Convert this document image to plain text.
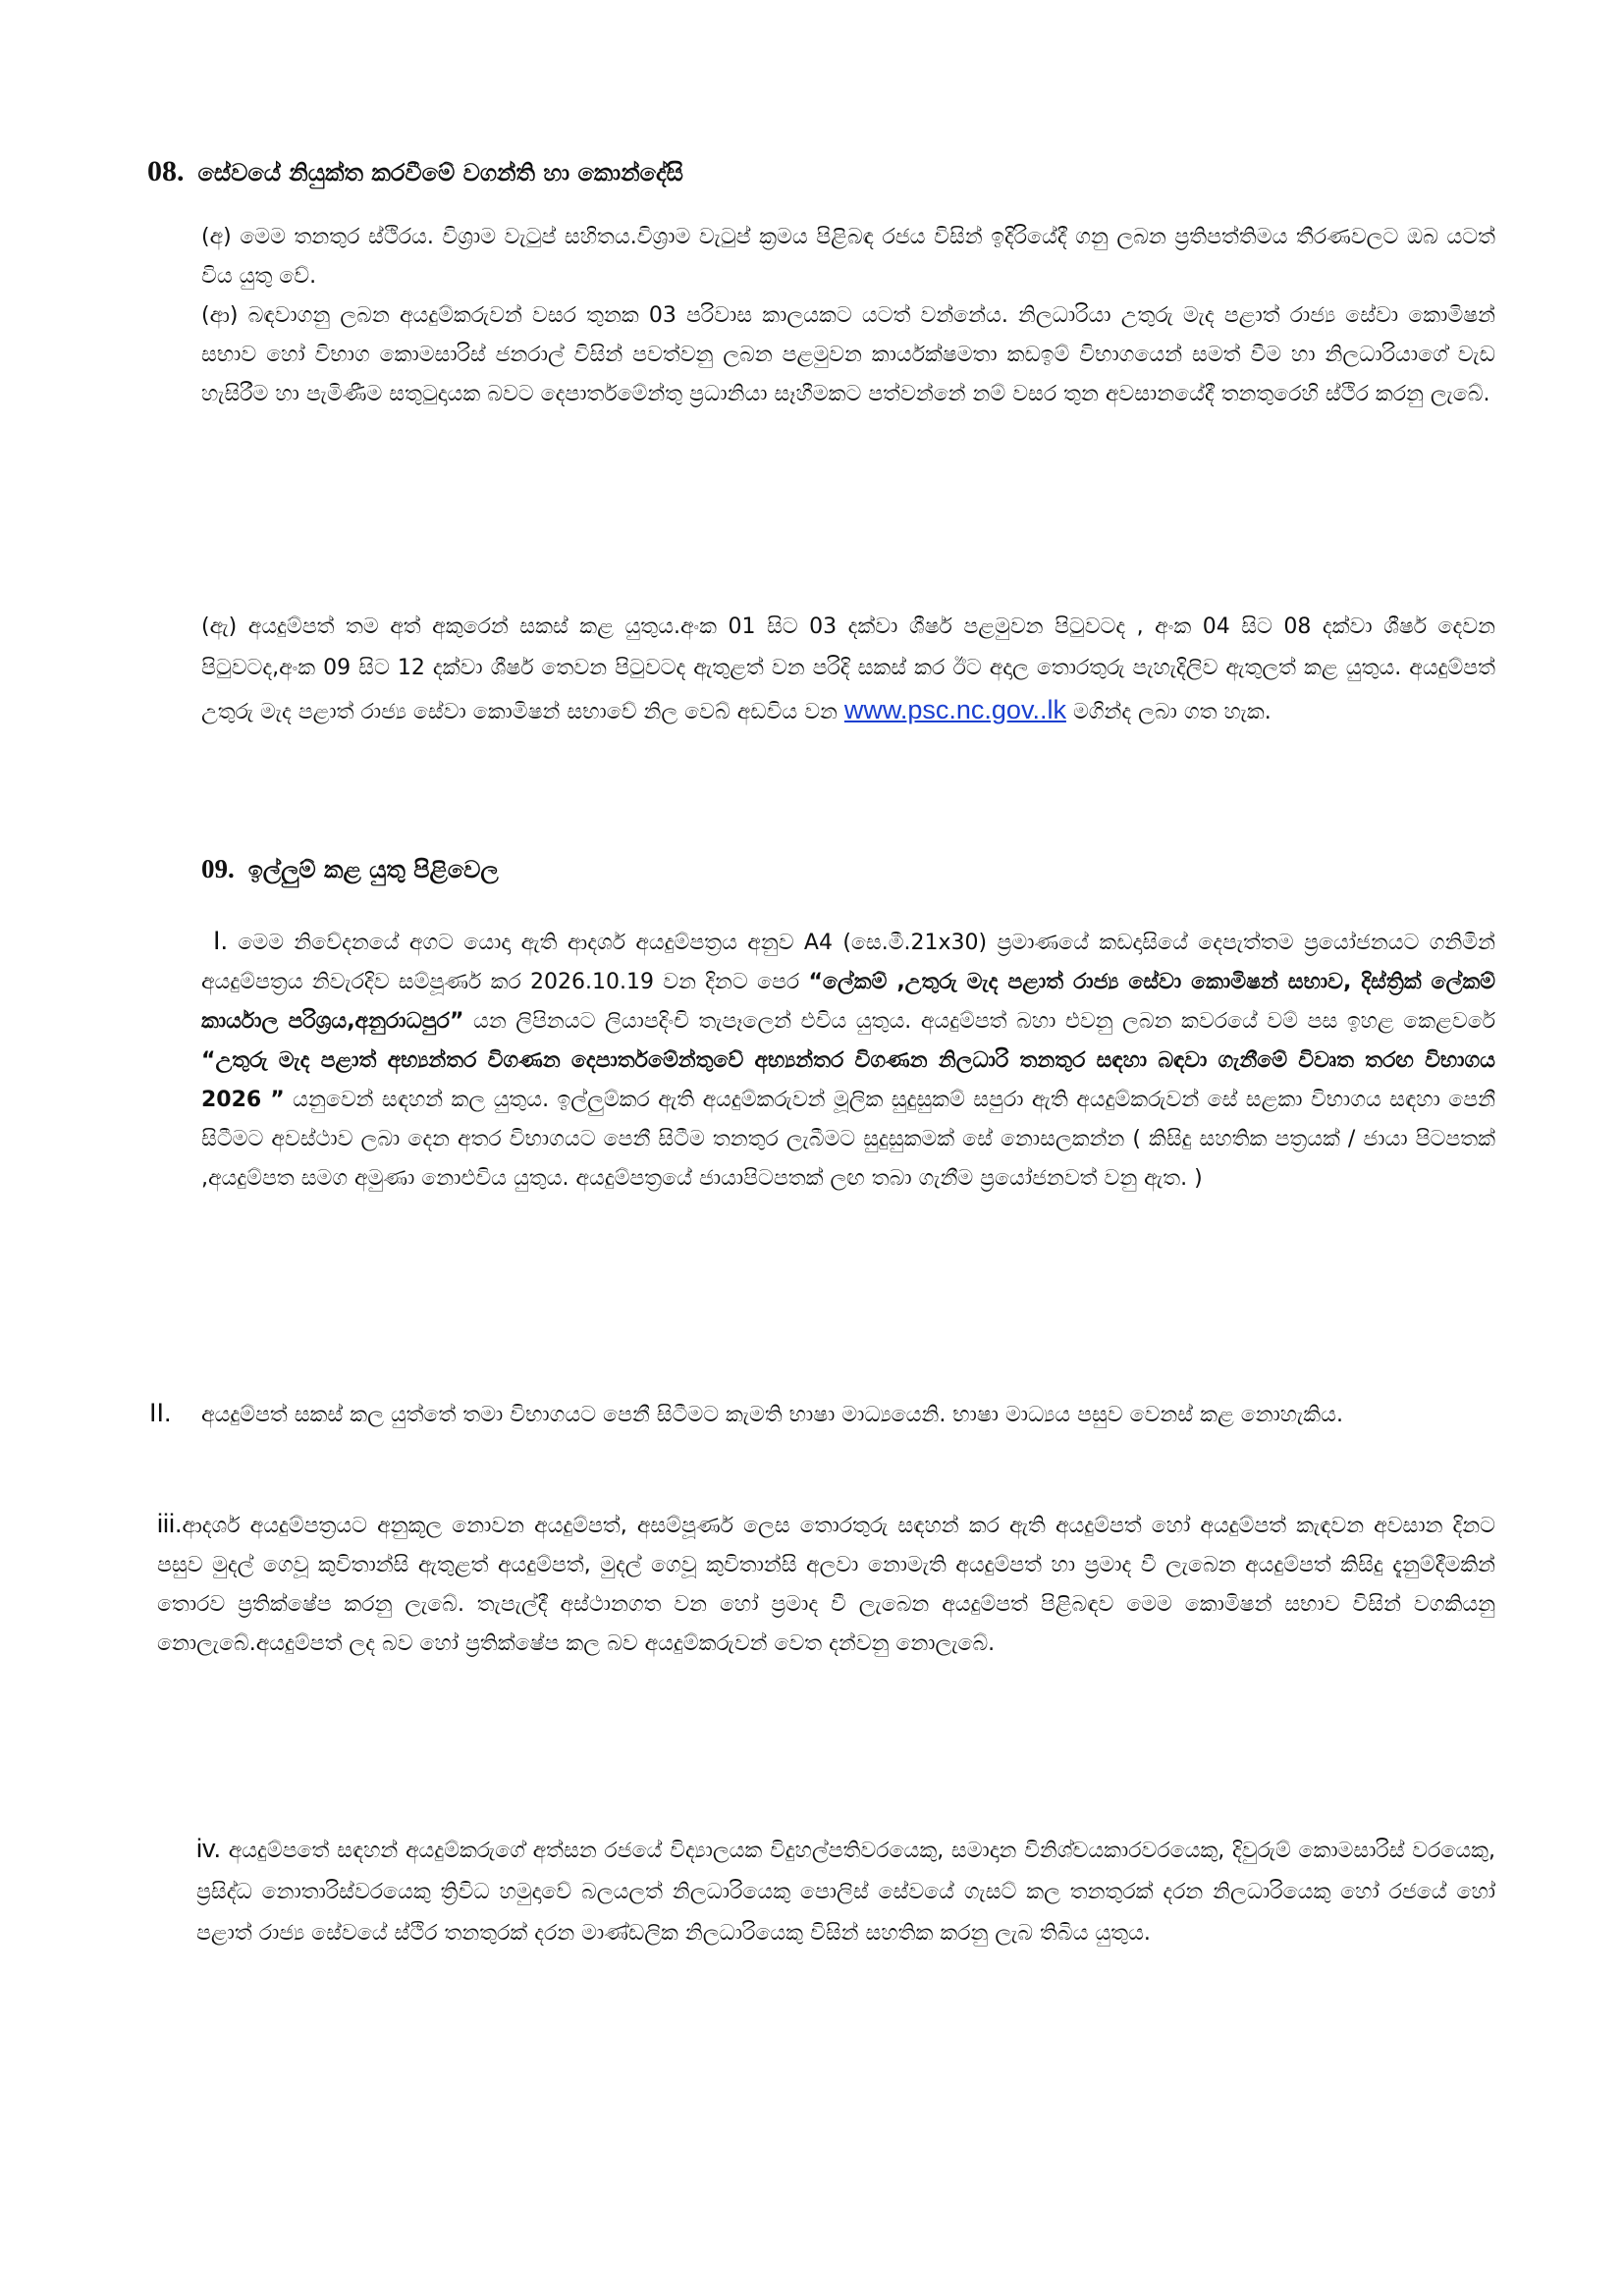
08. සේවයේ නියුක්ත කරවීමේ වගන්ති හා කොන්දේසි
(අ) මෙම තනතුර ස්ථිරය. විශ්‍රාම වැටුප් සහිතය.විශ්‍රාම වැටුප් ක්‍රමය පිළිබඳ රජය විසින් ඉදිරියේදී ගනු ලබන ප්‍රතිපත්තිමය තීරණවලට ඔබ යටත් විය යුතු වේ.
(ආ) බඳවාගනු ලබන අයදුම්කරුවන් වසර තුනක 03 පරිවාස කාලයකට යටත් වන්නේය. නිලධාරියා උතුරු මැද පළාත් රාජ්‍ය සේවා කොමිෂන් සභාව හෝ විභාග කොමසාරිස් ජනරාල් විසින් පවත්වනු ලබන පළමුවන කාර්යක්ෂමතා කඩඉම් විභාගයෙන් සමත් වීම හා නිලධාරියාගේ වැඩ හැසිරීම හා පැමිණීම සතුටුදායක බවට දෙපාර්තමේන්තු ප්‍රධානියා සෑහීමකට පත්වන්නේ නම් වසර තුන අවසානයේදී තනතුරෙහි ස්ථිර කරනු ලැබේ.
(ඇ) අයදුම්පත් තම අත් අකුරෙන් සකස් කළ යුතුය.අංක 01 සිට 03 දක්වා ශීර්ෂ පළමුවන පිටුවටද , අංක 04 සිට 08 දක්වා ශීර්ෂ දෙවන පිටුවටද,අංක 09 සිට 12 දක්වා ශීර්ෂ තෙවන පිටුවටද ඇතුළත් වන පරිදි සකස් කර ඊට අදාල තොරතුරු පැහැදිලිව ඇතුලත් කළ යුතුය. අයදුම්පත් උතුරු මැද පළාත් රාජ්‍ය සේවා කොමිෂන් සභාවේ නිල වෙබ් අඩවිය වන www.psc.nc.gov..lk මගින්ද ලබා ගත හැක.
09. ඉල්ලුම් කළ යුතු පිළිවෙල
I. මෙම නිවේදනයේ අගට යොදා ඇති ආදර්ශ අයදුම්පත්‍රය අනුව A4 (සෙ.මී.21x30) ප්‍රමාණයේ කඩදාසියේ දෙපැත්තම ප්‍රයෝජනයට ගනිමින් අයදුම්පත්‍රය නිවැරදිව සම්පූර්ණ කර 2026.10.19 වන දිනට පෙර “ලේකම් ,උතුරු මැද පළාත් රාජ්‍ය සේවා කොමිෂන් සභාව, දිස්ත්‍රික් ලේකම් කාර්යාල පරිශ්‍රය,අනුරාධපුර” යන ලිපිනයට ලියාපදිංචි තැපෑලෙන් එවිය යුතුය. අයදුම්පත් බහා එවනු ලබන කවරයේ වම් පස ඉහළ කෙළවරේ “උතුරු මැද පළාත් අභ්‍යන්තර විගණන දෙපාර්තමේන්තුවේ අභ්‍යන්තර විගණන නිලධාරි තනතුර සඳහා බඳවා ගැනීමේ විවෘත තරඟ විභාගය 2026 ” යනුවෙන් සඳහන් කල යුතුය. ඉල්ලුම්කර ඇති අයදුම්කරුවන් මූලික සුදුසුකම් සපුරා ඇති අයදුම්කරුවන් සේ සළකා විභාගය සඳහා පෙනී සිටීමට අවස්ථාව ලබා දෙන අතර විභාගයට පෙනී සිටීම තනතුර ලැබීමට සුදුසුකමක් සේ නොසලකන්න ( කිසිදු සහතික පත්‍රයක් / ජායා පිටපතක් ,අයදුම්පත සමග අමුණා නොඑවිය යුතුය. අයදුම්පත්‍රයේ ජායාපිටපතක් ලඟ තබා ගැනීම ප්‍රයෝජනවත් වනු ඇත. )
II. අයදුම්පත් සකස් කල යුත්තේ තමා විභාගයට පෙනී සිටීමට කැමති භාෂා මාධ්‍යයෙනි. භාෂා මාධ්‍යය පසුව වෙනස් කළ නොහැකිය.
iii.ආදර්ශ අයදුම්පත්‍රයට අනුකූල නොවන අයදුම්පත්, අසම්පූර්ණ ලෙස තොරතුරු සඳහන් කර ඇති අයදුම්පත් හෝ අයදුම්පත් කැඳවන අවසාන දිනට පසුව මුදල් ගෙවූ කුවිතාන්සි ඇතුළත් අයදුම්පත්, මුදල් ගෙවූ කුවිතාන්සි අලවා නොමැති අයදුම්පත් හා ප්‍රමාද වී ලැබෙන අයදුම්පත් කිසිදු දැනුම්දීමකින් තොරව ප්‍රතික්ෂේප කරනු ලැබේ. තැපැල්දී අස්ථානගත වන හෝ ප්‍රමාද වී ලැබෙන අයදුම්පත් පිළිබඳව මෙම කොමිෂන් සභාව විසින් වගකියනු නොලැබේ.අයදුම්පත් ලද බව හෝ ප්‍රතික්ෂේප කල බව අයදුම්කරුවන් වෙත දන්වනු නොලැබේ.
iv. අයදුම්පතේ සඳහන් අයදුම්කරුගේ අත්සන රජයේ විද්‍යාලයක විදුහල්පතිවරයෙකු, සමාදාන විනිශ්චයකාරවරයෙකු, දිවුරුම් කොමසාරිස් වරයෙකු, ප්‍රසිද්ධ නොතාරිස්වරයෙකු ත්‍රිවිධ හමුදාවේ බලයලත් නිලධාරියෙකු පොලිස් සේවයේ ගැසට් කල තනතුරක් දරන නිලධාරියෙකු හෝ රජයේ හෝ පළාත් රාජ්‍ය සේවයේ ස්ථිර තනතුරක් දරන මාණ්ඩලික නිලධාරියෙකු විසින් සහතික කරනු ලැබ තිබිය යුතුය.
